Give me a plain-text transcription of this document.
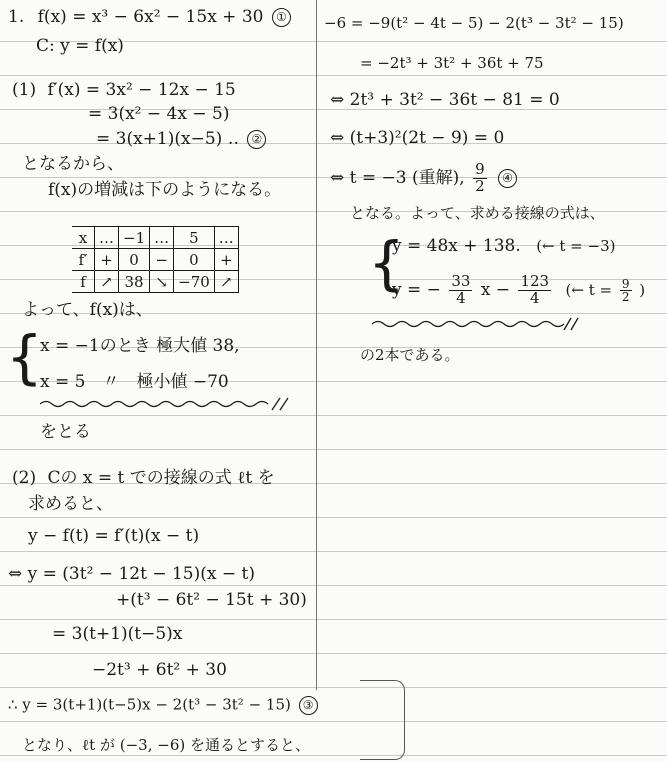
1. f(x) = x³ − 6x² − 15x + 30 ①
C: y = f(x)
(1) f′(x) = 3x² − 12x − 15
= 3(x² − 4x − 5)
= 3(x+1)(x−5) ‥ ②
となるから、
f(x)の増減は下のようになる。
x	…	−1	…	5	…
f′	+	0	−	0	+
f	↗	38	↘	−70	↗
よって、f(x)は、
{
x = −1のとき 極大値 38,
x = 5　〃　極小値 −70
をとる
(2) Cの x = t での接線の式 ℓt を
求めると、
y − f(t) = f′(t)(x − t)
⇔ y = (3t² − 12t − 15)(x − t)
+(t³ − 6t² − 15t + 30)
= 3(t+1)(t−5)x
−2t³ + 6t² + 30
∴ y = 3(t+1)(t−5)x − 2(t³ − 3t² − 15) ③
となり、ℓt が (−3, −6) を通るとすると、
−6 = −9(t² − 4t − 5) − 2(t³ − 3t² − 15)
= −2t³ + 3t² + 36t + 75
⇔ 2t³ + 3t² − 36t − 81 = 0
⇔ (t+3)²(2t − 9) = 0
⇔ t = −3 (重解), $\frac{9}{2}$ ④
となる。よって、求める接線の式は、
{
y = 48x + 138. (← t = −3)
y = − $\frac{33}{4}$ $x - \frac{123}{4}$ (← $t = \frac{9}{2}$ )
の2本である。
